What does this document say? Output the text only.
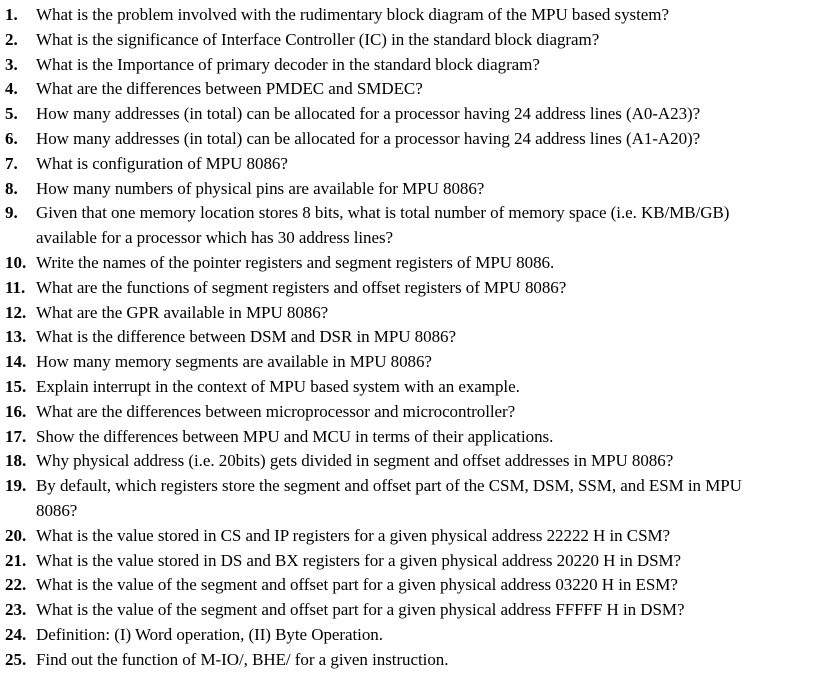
1.	What is the problem involved with the rudimentary block diagram of the MPU based system?
2.	What is the significance of Interface Controller (IC) in the standard block diagram?
3.	What is the Importance of primary decoder in the standard block diagram?
4.	What are the differences between PMDEC and SMDEC?
5.	How many addresses (in total) can be allocated for a processor having 24 address lines (A0-A23)?
6.	How many addresses (in total) can be allocated for a processor having 24 address lines (A1-A20)?
7.	What is configuration of MPU 8086?
8.	How many numbers of physical pins are available for MPU 8086?
9.	Given that one memory location stores 8 bits, what is total number of memory space (i.e. KB/MB/GB)
available for a processor which has 30 address lines?
10. Write the names of the pointer registers and segment registers of MPU 8086.
11. What are the functions of segment registers and offset registers of MPU 8086?
12. What are the GPR available in MPU 8086?
13. What is the difference between DSM and DSR in MPU 8086?
14. How many memory segments are available in MPU 8086?
15. Explain interrupt in the context of MPU based system with an example.
16. What are the differences between microprocessor and microcontroller?
17. Show the differences between MPU and MCU in terms of their applications.
18. Why physical address (i.e. 20bits) gets divided in segment and offset addresses in MPU 8086?
19. By default, which registers store the segment and offset part of the CSM, DSM, SSM, and ESM in MPU
8086?
20. What is the value stored in CS and IP registers for a given physical address 22222 H in CSM?
21. What is the value stored in DS and BX registers for a given physical address 20220 H in DSM?
22. What is the value of the segment and offset part for a given physical address 03220 H in ESM?
23. What is the value of the segment and offset part for a given physical address FFFFF H in DSM?
24. Definition: (I) Word operation, (II) Byte Operation.
25. Find out the function of M-IO/, BHE/ for a given instruction.
